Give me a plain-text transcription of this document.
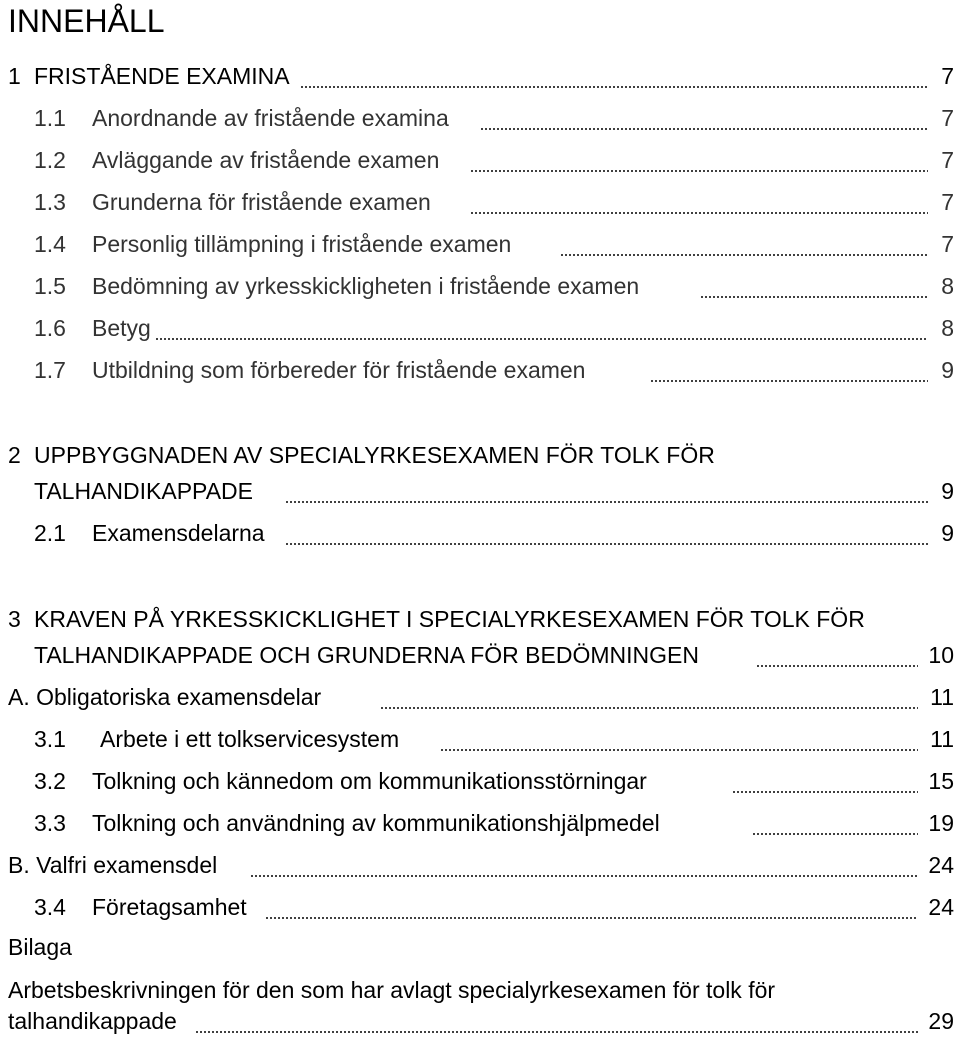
INNEHÅLL
1 FRISTÅENDE EXAMINA	7
1.1 Anordnande av fristående examina	7
1.2 Avläggande av fristående examen	7
1.3 Grunderna för fristående examen	7
1.4 Personlig tillämpning i fristående examen	7
1.5 Bedömning av yrkesskickligheten i fristående examen	8
1.6 Betyg	8
1.7 Utbildning som förbereder för fristående examen	9
2 UPPBYGGNADEN AV SPECIALYRKESEXAMEN FÖR TOLK FÖR
TALHANDIKAPPADE	9
2.1 Examensdelarna	9
3 KRAVEN PÅ YRKESSKICKLIGHET I SPECIALYRKESEXAMEN FÖR TOLK FÖR
TALHANDIKAPPADE OCH GRUNDERNA FÖR BEDÖMNINGEN	10
A. Obligatoriska examensdelar	11
3.1 Arbete i ett tolkservicesystem	11
3.2 Tolkning och kännedom om kommunikationsstörningar	15
3.3 Tolkning och användning av kommunikationshjälpmedel	19
B. Valfri examensdel	24
3.4 Företagsamhet	24
Bilaga
Arbetsbeskrivningen för den som har avlagt specialyrkesexamen för tolk för
talhandikappade	29
